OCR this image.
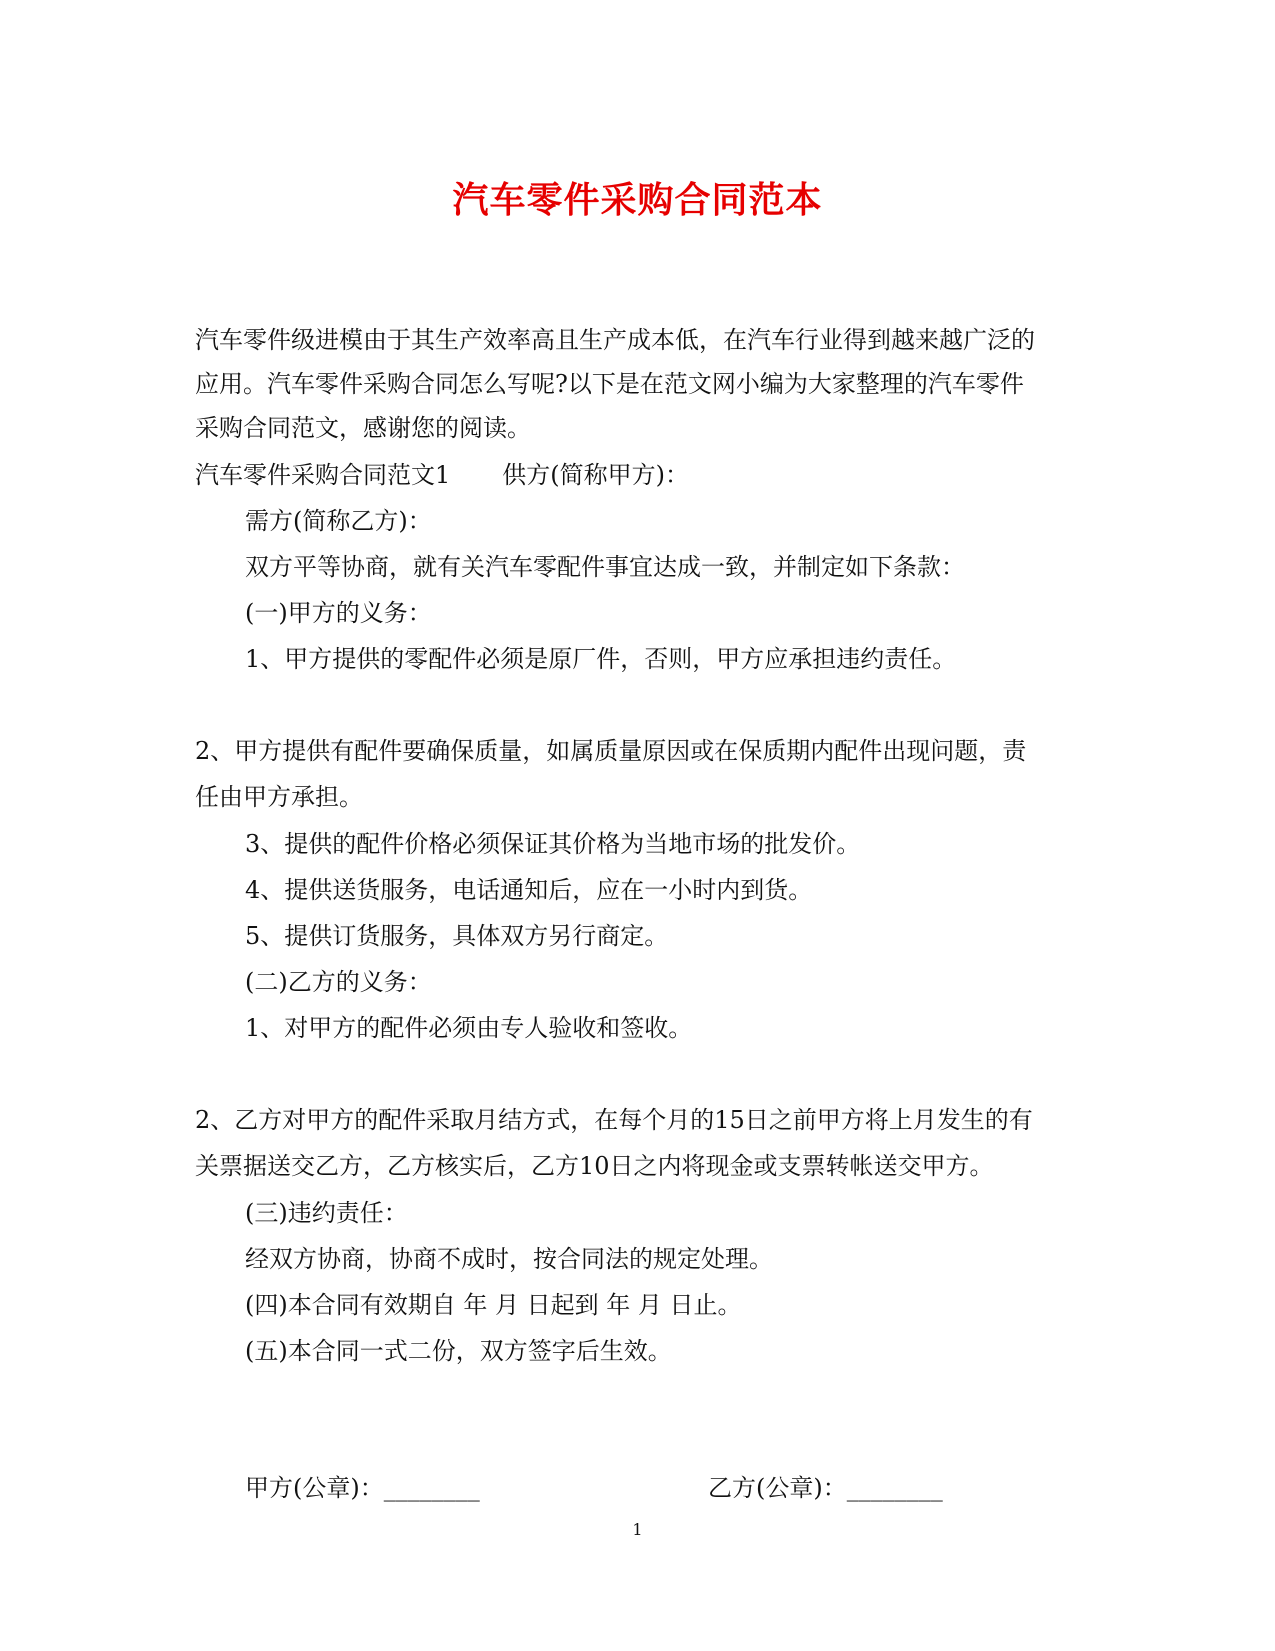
汽车零件采购合同范本
汽车零件级进模由于其生产效率高且生产成本低，在汽车行业得到越来越广泛的
应用。汽车零件采购合同怎么写呢?以下是在范文网小编为大家整理的汽车零件
采购合同范文，感谢您的阅读。
汽车零件采购合同范文1 供方(简称甲方)：
需方(简称乙方)：
双方平等协商，就有关汽车零配件事宜达成一致，并制定如下条款：
(一)甲方的义务：
1、甲方提供的零配件必须是原厂件，否则，甲方应承担违约责任。
2、甲方提供有配件要确保质量，如属质量原因或在保质期内配件出现问题，责
任由甲方承担。
3、提供的配件价格必须保证其价格为当地市场的批发价。
4、提供送货服务，电话通知后，应在一小时内到货。
5、提供订货服务，具体双方另行商定。
(二)乙方的义务：
1、对甲方的配件必须由专人验收和签收。
2、乙方对甲方的配件采取月结方式，在每个月的15日之前甲方将上月发生的有
关票据送交乙方，乙方核实后，乙方10日之内将现金或支票转帐送交甲方。
(三)违约责任：
经双方协商，协商不成时，按合同法的规定处理。
(四)本合同有效期自 年 月 日起到 年 月 日止。
(五)本合同一式二份，双方签字后生效。
甲方(公章)：________	乙方(公章)：________
1
